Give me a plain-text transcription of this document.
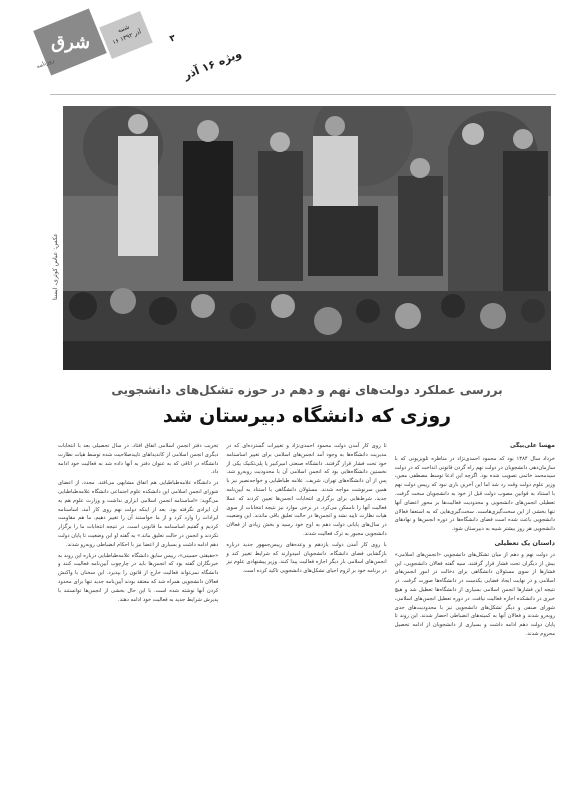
شرق
روزنامه
شنبه
۱۶ آذر ۱۳۹۲	۳
ویژه ۱۶ آذر
عکس: عباس کوثری، ایسنا
بررسی عملکرد دولت‌های نهم و دهم در حوزه تشکل‌های دانشجویی
روزی که دانشگاه دبیرستان شد
مهسا علی‌بیگی

خرداد سال ۱۳۸۴ بود که محمود احمدی‌نژاد در مناظره تلویزیونی که با سازمان‌دهی دانشجویان در دولت نهم راه گردن قانونی انداخت که در دولت سیدمحمد خاتمی تصویب شده بود. اگرچه این ادعا توسط مصطفی معین، وزیر علوم دولت وقت رد شد اما این آخرین باری نبود که رییس دولت نهم با استناد به قوانین مصوب دولت قبل از خود به دانشجویان سخت گرفت. تعطیلی انجمن‌های دانشجویی و محدودیت فعالیت‌ها بر محور اعضای آنها تنها بخشی از این سخت‌گیری‌هاست. سخت‌گیری‌هایی که به استعفا فعالان دانشجویی باعث شده است فضای دانشگاه‌ها در دوره انجمن‌ها و نهادهای دانشجویی هر روز بیشتر شبیه به دبیرستان شود.

داستان یک تعطیلی

در دولت نهم و دهم از میان تشکل‌های دانشجویی «انجمن‌های اسلامی» بیش از دیگران تحت فشار قرار گرفتند. سیه گفته فعالان دانشجویی، این فشارها از سوی مسئولان دانشگاهی برای دخالت در امور انجمن‌های اسلامی و در نهایت ایجاد فضایی یکدست در دانشگاه‌ها صورت گرفت. در نتیجه این فشارها انجمن اسلامی بسیاری از دانشگاه‌ها تعطیل شد و هیچ خبری در دانشکده اجازه فعالیت نیافت. در دوره تعطیل انجمن‌های اسلامی، شورای صنفی و دیگر تشکل‌های دانشجویی نیز با محدودیت‌های جدی روبه‌رو شدند و فعالان آنها به کمیته‌های انضباطی احضار شدند. این روند تا پایان دولت دهم ادامه داشت و بسیاری از دانشجویان از ادامه تحصیل محروم شدند.

تا روی کار آمدن دولت محمود احمدی‌نژاد و تغییرات گسترده‌ای که در مدیریت دانشگاه‌ها به وجود آمد انجمن‌های اسلامی برای تغییر اساسنامه خود تحت فشار قرار گرفتند. دانشگاه صنعتی امیرکبیر یا پلی‌تکنیک یکی از نخستین دانشگاه‌هایی بود که انجمن اسلامی آن با محدودیت روبه‌رو شد. پس از آن دانشگاه‌های تهران، شریف، علامه طباطبایی و خواجه‌نصیر نیز با همین سرنوشت مواجه شدند. مسئولان دانشگاهی با استناد به آیین‌نامه جدید، شرط‌هایی برای برگزاری انتخابات انجمن‌ها تعیین کردند که عملا فعالیت آنها را ناممکن می‌کرد. در برخی موارد نیز نتیجه انتخابات از سوی هیات نظارت تایید نشد و انجمن‌ها در حالت تعلیق باقی ماندند. این وضعیت در سال‌های پایانی دولت دهم به اوج خود رسید و بخش زیادی از فعالان دانشجویی مجبور به ترک فعالیت شدند.

با روی کار آمدن دولت یازدهم و وعده‌های رییس‌جمهور جدید درباره بازگشایی فضای دانشگاه، دانشجویان امیدوارند که شرایط تغییر کند و انجمن‌های اسلامی بار دیگر اجازه فعالیت پیدا کنند. وزیر پیشنهادی علوم نیز در برنامه خود بر لزوم احیای تشکل‌های دانشجویی تاکید کرده است.

تخریب دفتر انجمن اسلامی اتفاق افتاد. در سال تحصیلی بعد با انتخابات دیگری انجمن اسلامی از کاندیداهای تاییدصلاحیت شده توسط هیات نظارت دانشگاه در اتاقی که به عنوان دفتر به آنها داده شد به فعالیت خود ادامه داد.

در دانشگاه علامه‌طباطبایی هم اتفاق مشابهی می‌افتد. مجدد، از اعضای شورای انجمن اسلامی این دانشکده علوم اجتماعی دانشگاه علامه‌طباطبایی می‌گوید: «اساسنامه انجمن اسلامی ابزاری نداشت و وزارت علوم هم به آن ایرادی نگرفته بود. بعد از اینکه دولت نهم روی کار آمد، اساسنامه ایرادات را وارد کرد و از ما خواستند آن را تغییر دهیم. ما هم مقاومت کردیم و گفتیم اساسنامه ما قانونی است. در نتیجه انتخابات ما را برگزار نکردند و انجمن در حالت تعلیق ماند.» به گفته او این وضعیت تا پایان دولت دهم ادامه داشت و بسیاری از اعضا نیز با احکام انضباطی روبه‌رو شدند.

«حقیقتی حسینی»، رییس سابق دانشگاه علامه‌طباطبایی درباره این روند به خبرنگاران گفته بود که انجمن‌ها باید در چارچوب آیین‌نامه فعالیت کنند و دانشگاه نمی‌تواند فعالیت خارج از قانون را بپذیرد. این سخنان با واکنش فعالان دانشجویی همراه شد که معتقد بودند آیین‌نامه جدید تنها برای محدود کردن آنها نوشته شده است. با این حال بخشی از انجمن‌ها توانستند با پذیرش شرایط جدید به فعالیت خود ادامه دهند.
